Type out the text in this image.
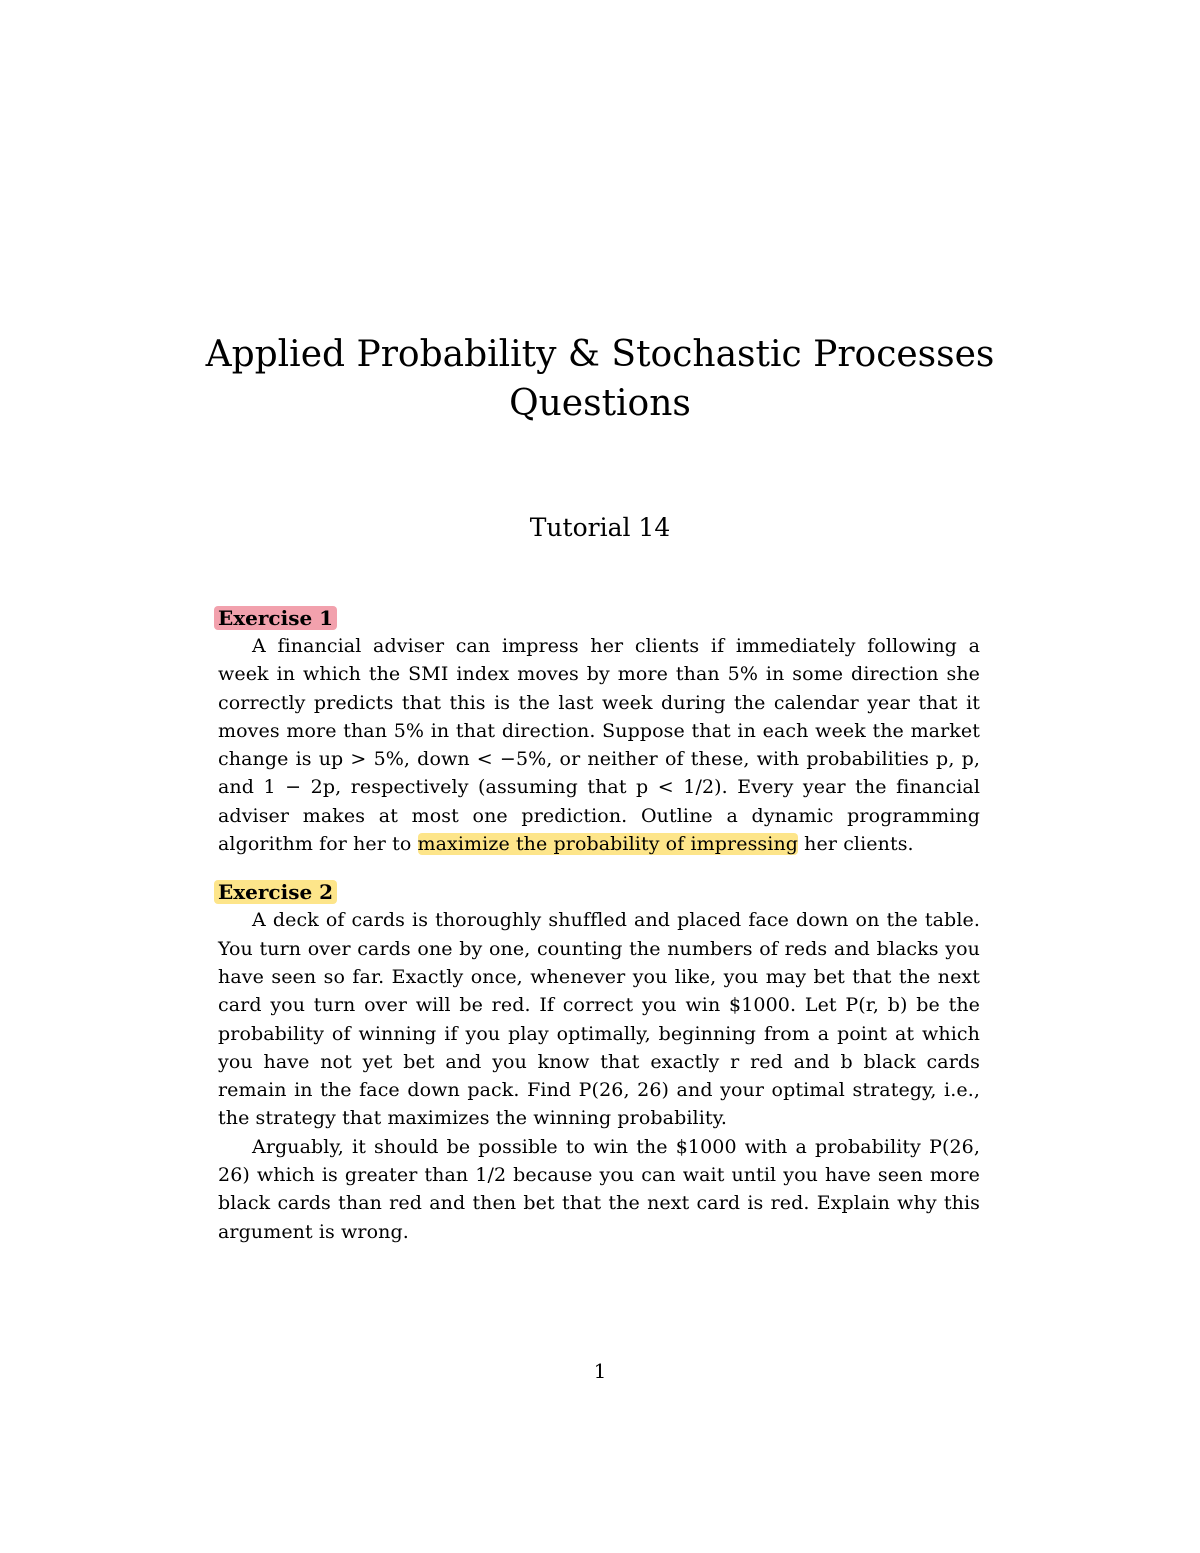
Applied Probability & Stochastic Processes
Questions
Tutorial 14
Exercise 1

A financial adviser can impress her clients if immediately following a week in which the SMI index moves by more than 5% in some direction she correctly predicts that this is the last week during the calendar year that it moves more than 5% in that direction. Suppose that in each week the market change is up > 5%, down < −5%, or neither of these, with probabilities p, p, and 1 − 2p, respectively (assuming that p < 1/2). Every year the financial adviser makes at most one prediction. Outline a dynamic programming algorithm for her to maximize the probability of impressing her clients.

Exercise 2

A deck of cards is thoroughly shuffled and placed face down on the table. You turn over cards one by one, counting the numbers of reds and blacks you have seen so far. Exactly once, whenever you like, you may bet that the next card you turn over will be red. If correct you win $1000. Let P(r, b) be the probability of winning if you play optimally, beginning from a point at which you have not yet bet and you know that exactly r red and b black cards remain in the face down pack. Find P(26, 26) and your optimal strategy, i.e., the strategy that maximizes the winning probability.

Arguably, it should be possible to win the $1000 with a probability P(26, 26) which is greater than 1/2 because you can wait until you have seen more black cards than red and then bet that the next card is red. Explain why this argument is wrong.

1
